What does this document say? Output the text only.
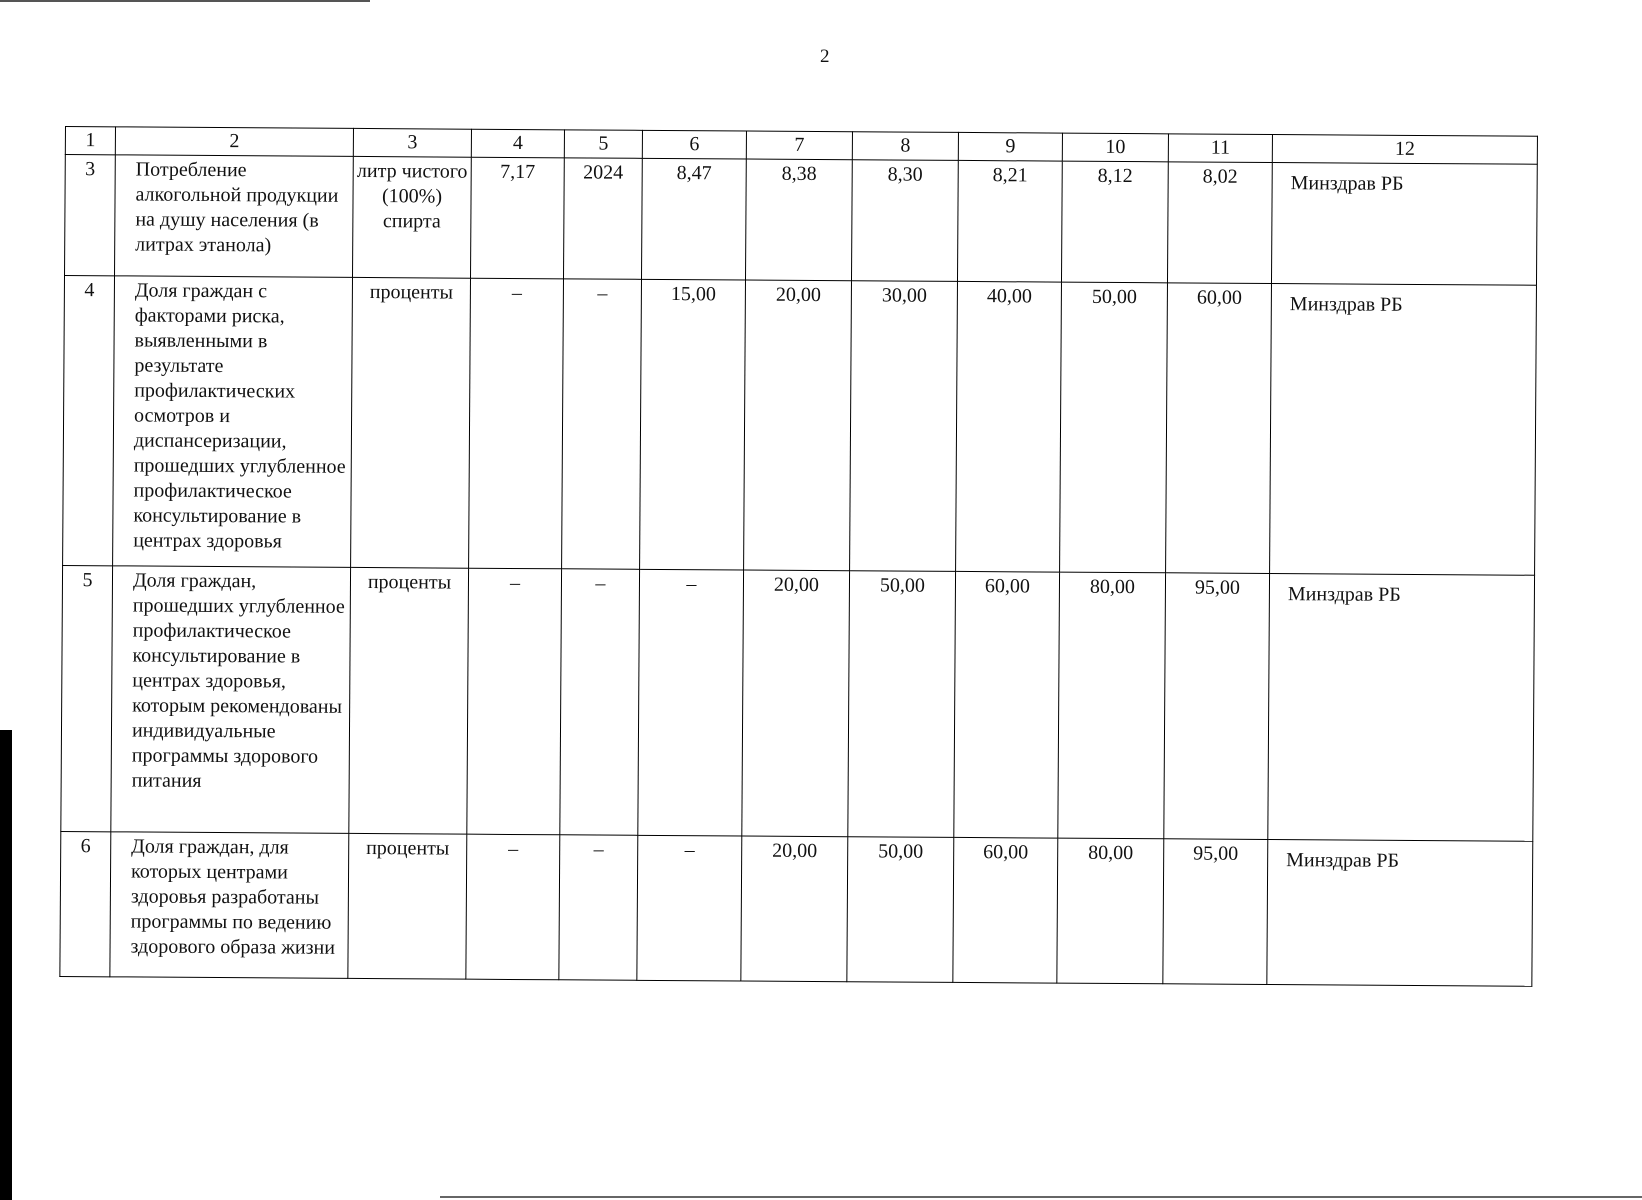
2
1	2	3	4	5	6	7	8	9	10	11	12
3	Потребление алкогольной продукции на душу населения (в литрах этанола)	литр чистого (100%) спирта	7,17	2024	8,47	8,38	8,30	8,21	8,12	8,02	Минздрав РБ
4	Доля граждан с факторами риска, выявленными в результате профилактических осмотров и диспансеризации, прошедших углубленное профилактическое консультирование в центрах здоровья	проценты	–	–	15,00	20,00	30,00	40,00	50,00	60,00	Минздрав РБ
5	Доля граждан, прошедших углубленное профилактическое консультирование в центрах здоровья, которым рекомендованы индивидуальные программы здорового питания	проценты	–	–	–	20,00	50,00	60,00	80,00	95,00	Минздрав РБ
6	Доля граждан, для которых центрами здоровья разработаны программы по ведению здорового образа жизни	проценты	–	–	–	20,00	50,00	60,00	80,00	95,00	Минздрав РБ
